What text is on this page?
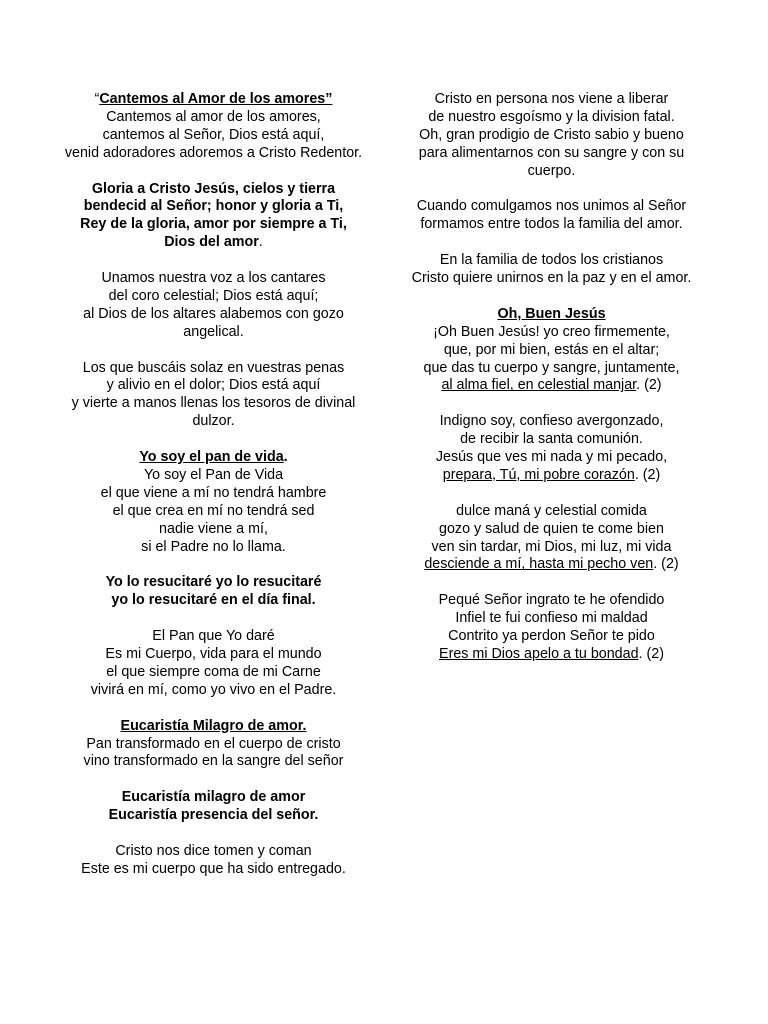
“Cantemos al Amor de los amores”
Cantemos al amor de los amores,
cantemos al Señor, Dios está aquí,
venid adoradores adoremos a Cristo Redentor.
Gloria a Cristo Jesús, cielos y tierra
bendecid al Señor; honor y gloria a Ti,
Rey de la gloria, amor por siempre a Ti,
Dios del amor.
Unamos nuestra voz a los cantares
del coro celestial; Dios está aquí;
al Dios de los altares alabemos con gozo
angelical.
Los que buscáis solaz en vuestras penas
y alivio en el dolor; Dios está aquí
y vierte a manos llenas los tesoros de divinal
dulzor.
Yo soy el pan de vida.
Yo soy el Pan de Vida
el que viene a mí no tendrá hambre
el que crea en mí no tendrá sed
nadie viene a mí,
si el Padre no lo llama.
Yo lo resucitaré yo lo resucitaré
yo lo resucitaré en el día final.
El Pan que Yo daré
Es mi Cuerpo, vida para el mundo
el que siempre coma de mi Carne
vivirá en mí, como yo vivo en el Padre.
Eucaristía Milagro de amor.
Pan transformado en el cuerpo de cristo
vino transformado en la sangre del señor
Eucaristía milagro de amor
Eucaristía presencia del señor.
Cristo nos dice tomen y coman
Este es mi cuerpo que ha sido entregado.
Cristo en persona nos viene a liberar
de nuestro esgoísmo y la division fatal.
Oh, gran prodigio de Cristo sabio y bueno
para alimentarnos con su sangre y con su
cuerpo.
Cuando comulgamos nos unimos al Señor
formamos entre todos la familia del amor.
En la familia de todos los cristianos
Cristo quiere unirnos en la paz y en el amor.
Oh, Buen Jesús
¡Oh Buen Jesús! yo creo firmemente,
que, por mi bien, estás en el altar;
que das tu cuerpo y sangre, juntamente,
al alma fiel, en celestial manjar. (2)
Indigno soy, confieso avergonzado,
de recibir la santa comunión.
Jesús que ves mi nada y mi pecado,
prepara, Tú, mi pobre corazón. (2)
dulce maná y celestial comida
gozo y salud de quien te come bien
ven sin tardar, mi Dios, mi luz, mi vida
desciende a mí, hasta mi pecho ven. (2)
Pequé Señor ingrato te he ofendido
Infiel te fui confieso mi maldad
Contrito ya perdon Señor te pido
Eres mi Dios apelo a tu bondad. (2)
